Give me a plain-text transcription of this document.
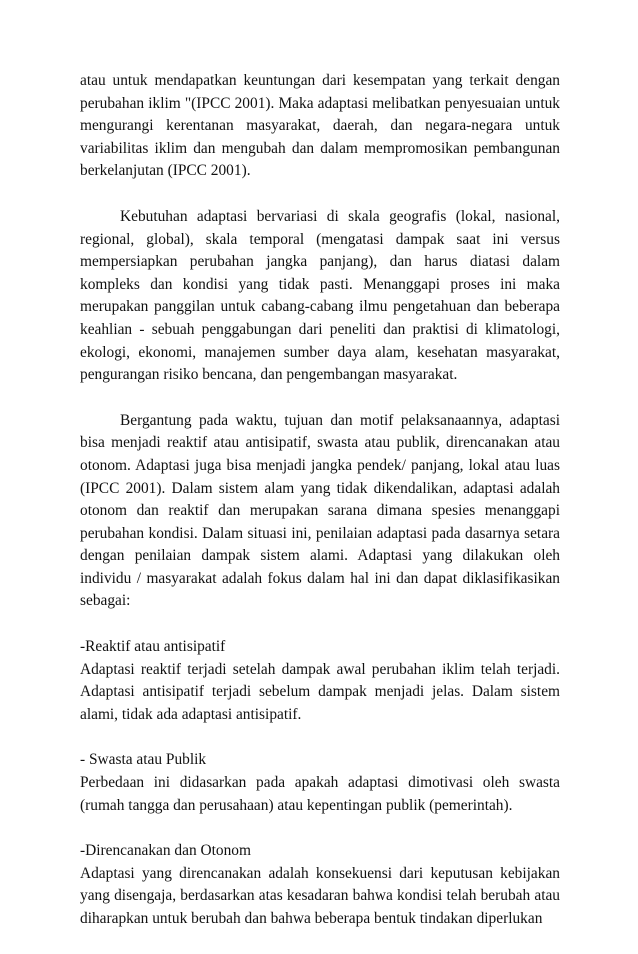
atau untuk mendapatkan keuntungan dari kesempatan yang terkait dengan perubahan iklim "(IPCC 2001). Maka adaptasi melibatkan penyesuaian untuk mengurangi kerentanan masyarakat, daerah, dan negara-negara untuk variabilitas iklim dan mengubah dan dalam mempromosikan pembangunan berkelanjutan (IPCC 2001).

Kebutuhan adaptasi bervariasi di skala geografis (lokal, nasional, regional, global), skala temporal (mengatasi dampak saat ini versus mempersiapkan perubahan jangka panjang), dan harus diatasi dalam kompleks dan kondisi yang tidak pasti. Menanggapi proses ini maka merupakan panggilan untuk cabang-cabang ilmu pengetahuan dan beberapa keahlian - sebuah penggabungan dari peneliti dan praktisi di klimatologi, ekologi, ekonomi, manajemen sumber daya alam, kesehatan masyarakat, pengurangan risiko bencana, dan pengembangan masyarakat.

Bergantung pada waktu, tujuan dan motif pelaksanaannya, adaptasi bisa menjadi reaktif atau antisipatif, swasta atau publik, direncanakan atau otonom. Adaptasi juga bisa menjadi jangka pendek/ panjang, lokal atau luas (IPCC 2001). Dalam sistem alam yang tidak dikendalikan, adaptasi adalah otonom dan reaktif dan merupakan sarana dimana spesies menanggapi perubahan kondisi. Dalam situasi ini, penilaian adaptasi pada dasarnya setara dengan penilaian dampak sistem alami. Adaptasi yang dilakukan oleh individu / masyarakat adalah fokus dalam hal ini dan dapat diklasifikasikan sebagai:

-Reaktif atau antisipatif

Adaptasi reaktif terjadi setelah dampak awal perubahan iklim telah terjadi. Adaptasi antisipatif terjadi sebelum dampak menjadi jelas. Dalam sistem alami, tidak ada adaptasi antisipatif.

- Swasta atau Publik

Perbedaan ini didasarkan pada apakah adaptasi dimotivasi oleh swasta (rumah tangga dan perusahaan) atau kepentingan publik (pemerintah).

-Direncanakan dan Otonom

Adaptasi yang direncanakan adalah konsekuensi dari keputusan kebijakan yang disengaja, berdasarkan atas kesadaran bahwa kondisi telah berubah atau diharapkan untuk berubah dan bahwa beberapa bentuk tindakan diperlukan
